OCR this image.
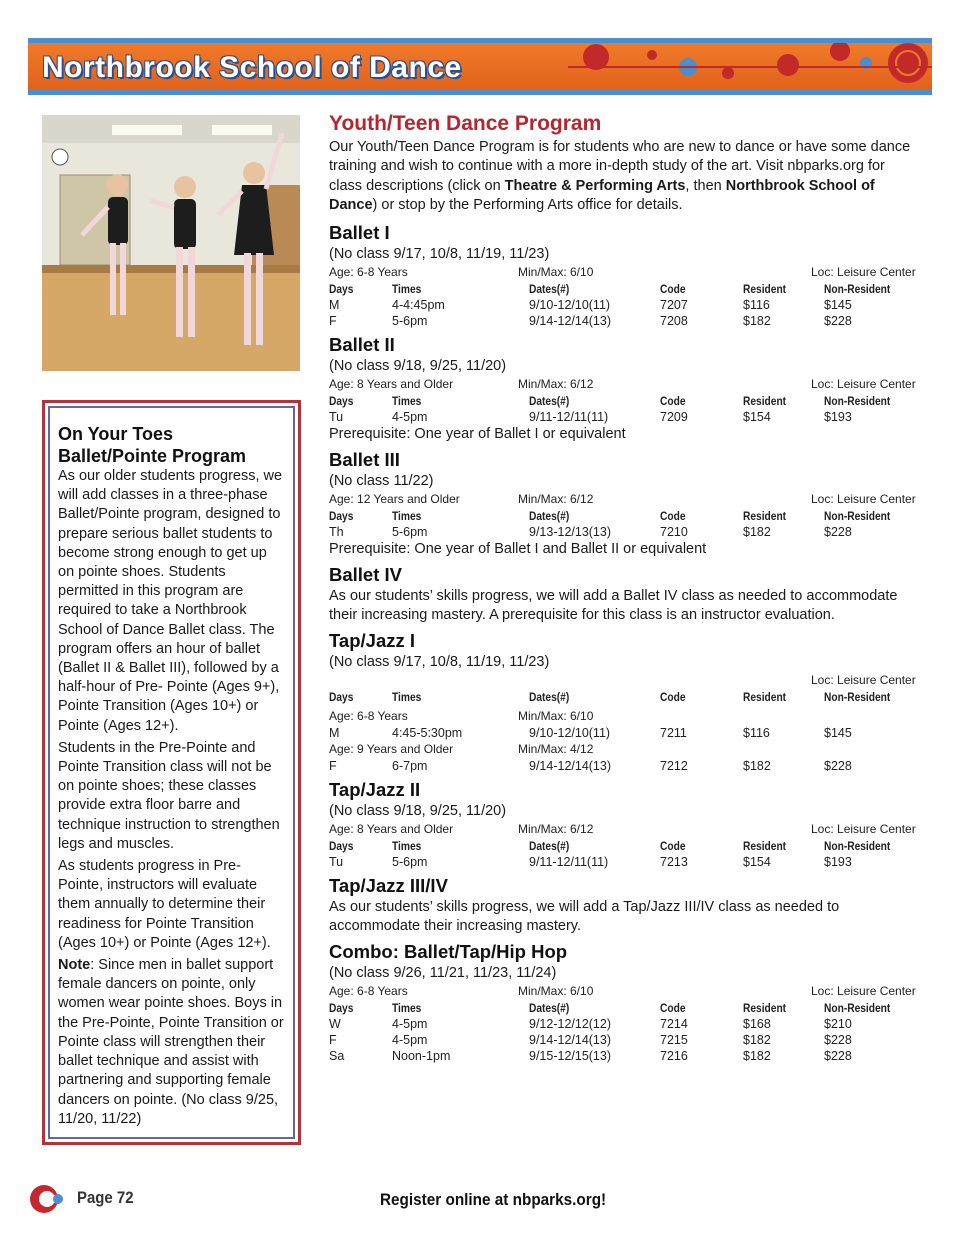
Northbrook School of Dance
On Your Toes
Ballet/Pointe Program

As our older students progress, we will add classes in a three-phase Ballet/Pointe program, designed to prepare serious ballet students to become strong enough to get up on pointe shoes. Students permitted in this program are required to take a Northbrook School of Dance Ballet class. The program offers an hour of ballet (Ballet II & Ballet III), followed by a half-hour of Pre- Pointe (Ages 9+), Pointe Transition (Ages 10+) or Pointe (Ages 12+).

Students in the Pre-Pointe and Pointe Transition class will not be on pointe shoes; these classes provide extra floor barre and technique instruction to strengthen legs and muscles.

As students progress in Pre-Pointe, instructors will evaluate them annually to determine their readiness for Pointe Transition (Ages 10+) or Pointe (Ages 12+).

Note: Since men in ballet support female dancers on pointe, only women wear pointe shoes. Boys in the Pre-Pointe, Pointe Transition or Pointe class will strengthen their ballet technique and assist with partnering and supporting female dancers on pointe. (No class 9/25, 11/20, 11/22)

Youth/Teen Dance Program
Our Youth/Teen Dance Program is for students who are new to dance or have some dance training and wish to continue with a more in-depth study of the art. Visit nbparks.org for class descriptions (click on Theatre & Performing Arts, then Northbrook School of Dance) or stop by the Performing Arts office for details.
Ballet I
(No class 9/17, 10/8, 11/19, 11/23)
Age: 6-8 Years	Min/Max: 6/10	Loc: Leisure Center
Days	Times	Dates(#)	Code	Resident	Non-Resident
M	4-4:45pm	9/10-12/10(11)	7207	$116	$145
F	5-6pm	9/14-12/14(13)	7208	$182	$228
Ballet II
(No class 9/18, 9/25, 11/20)
Age: 8 Years and Older	Min/Max: 6/12	Loc: Leisure Center
Days	Times	Dates(#)	Code	Resident	Non-Resident
Tu	4-5pm	9/11-12/11(11)	7209	$154	$193
Prerequisite: One year of Ballet I or equivalent
Ballet III
(No class 11/22)
Age: 12 Years and Older	Min/Max: 6/12	Loc: Leisure Center
Days	Times	Dates(#)	Code	Resident	Non-Resident
Th	5-6pm	9/13-12/13(13)	7210	$182	$228
Prerequisite: One year of Ballet I and Ballet II or equivalent
Ballet IV
As our students’ skills progress, we will add a Ballet IV class as needed to accommodate their increasing mastery. A prerequisite for this class is an instructor evaluation.
Tap/Jazz I
(No class 9/17, 10/8, 11/19, 11/23)
Loc: Leisure Center
Days	Times	Dates(#)	Code	Resident	Non-Resident
Age: 6-8 Years	Min/Max: 6/10
M	4:45-5:30pm	9/10-12/10(11)	7211	$116	$145
Age: 9 Years and Older	Min/Max: 4/12
F	6-7pm	9/14-12/14(13)	7212	$182	$228
Tap/Jazz II
(No class 9/18, 9/25, 11/20)
Age: 8 Years and Older	Min/Max: 6/12	Loc: Leisure Center
Days	Times	Dates(#)	Code	Resident	Non-Resident
Tu	5-6pm	9/11-12/11(11)	7213	$154	$193
Tap/Jazz III/IV
As our students’ skills progress, we will add a Tap/Jazz III/IV class as needed to accommodate their increasing mastery.
Combo: Ballet/Tap/Hip Hop
(No class 9/26, 11/21, 11/23, 11/24)
Age: 6-8 Years	Min/Max: 6/10	Loc: Leisure Center
Days	Times	Dates(#)	Code	Resident	Non-Resident
W	4-5pm	9/12-12/12(12)	7214	$168	$210
F	4-5pm	9/14-12/14(13)	7215	$182	$228
Sa	Noon-1pm	9/15-12/15(13)	7216	$182	$228
Page 72	Register online at nbparks.org!
